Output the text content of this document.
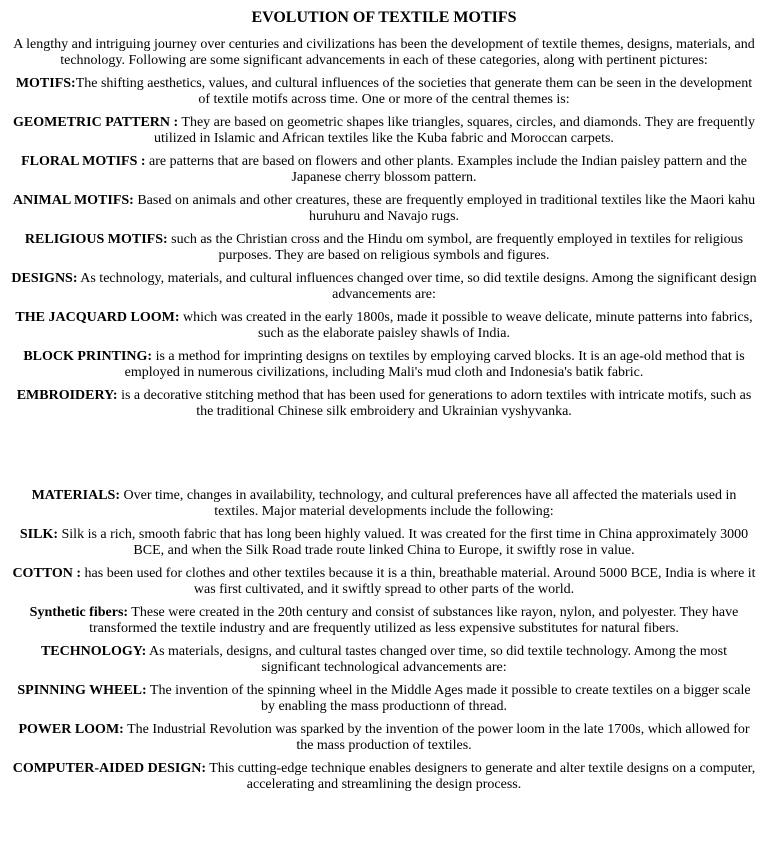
EVOLUTION OF TEXTILE MOTIFS
A lengthy and intriguing journey over centuries and civilizations has been the development of textile themes, designs, materials, and technology. Following are some significant advancements in each of these categories, along with pertinent pictures:

MOTIFS:The shifting aesthetics, values, and cultural influences of the societies that generate them can be seen in the development of textile motifs across time. One or more of the central themes is:

GEOMETRIC PATTERN : They are based on geometric shapes like triangles, squares, circles, and diamonds. They are frequently utilized in Islamic and African textiles like the Kuba fabric and Moroccan carpets.

FLORAL MOTIFS : are patterns that are based on flowers and other plants. Examples include the Indian paisley pattern and the Japanese cherry blossom pattern.

ANIMAL MOTIFS: Based on animals and other creatures, these are frequently employed in traditional textiles like the Maori kahu huruhuru and Navajo rugs.

RELIGIOUS MOTIFS: such as the Christian cross and the Hindu om symbol, are frequently employed in textiles for religious purposes. They are based on religious symbols and figures.

DESIGNS: As technology, materials, and cultural influences changed over time, so did textile designs. Among the significant design advancements are:

THE JACQUARD LOOM: which was created in the early 1800s, made it possible to weave delicate, minute patterns into fabrics, such as the elaborate paisley shawls of India.

BLOCK PRINTING: is a method for imprinting designs on textiles by employing carved blocks. It is an age-old method that is employed in numerous civilizations, including Mali's mud cloth and Indonesia's batik fabric.

EMBROIDERY: is a decorative stitching method that has been used for generations to adorn textiles with intricate motifs, such as the traditional Chinese silk embroidery and Ukrainian vyshyvanka.

MATERIALS: Over time, changes in availability, technology, and cultural preferences have all affected the materials used in textiles. Major material developments include the following:

SILK: Silk is a rich, smooth fabric that has long been highly valued. It was created for the first time in China approximately 3000 BCE, and when the Silk Road trade route linked China to Europe, it swiftly rose in value.

COTTON : has been used for clothes and other textiles because it is a thin, breathable material. Around 5000 BCE, India is where it was first cultivated, and it swiftly spread to other parts of the world.

Synthetic fibers: These were created in the 20th century and consist of substances like rayon, nylon, and polyester. They have transformed the textile industry and are frequently utilized as less expensive substitutes for natural fibers.

TECHNOLOGY: As materials, designs, and cultural tastes changed over time, so did textile technology. Among the most significant technological advancements are:

SPINNING WHEEL: The invention of the spinning wheel in the Middle Ages made it possible to create textiles on a bigger scale by enabling the mass productionn of thread.

POWER LOOM: The Industrial Revolution was sparked by the invention of the power loom in the late 1700s, which allowed for the mass production of textiles.

COMPUTER-AIDED DESIGN: This cutting-edge technique enables designers to generate and alter textile designs on a computer, accelerating and streamlining the design process.
